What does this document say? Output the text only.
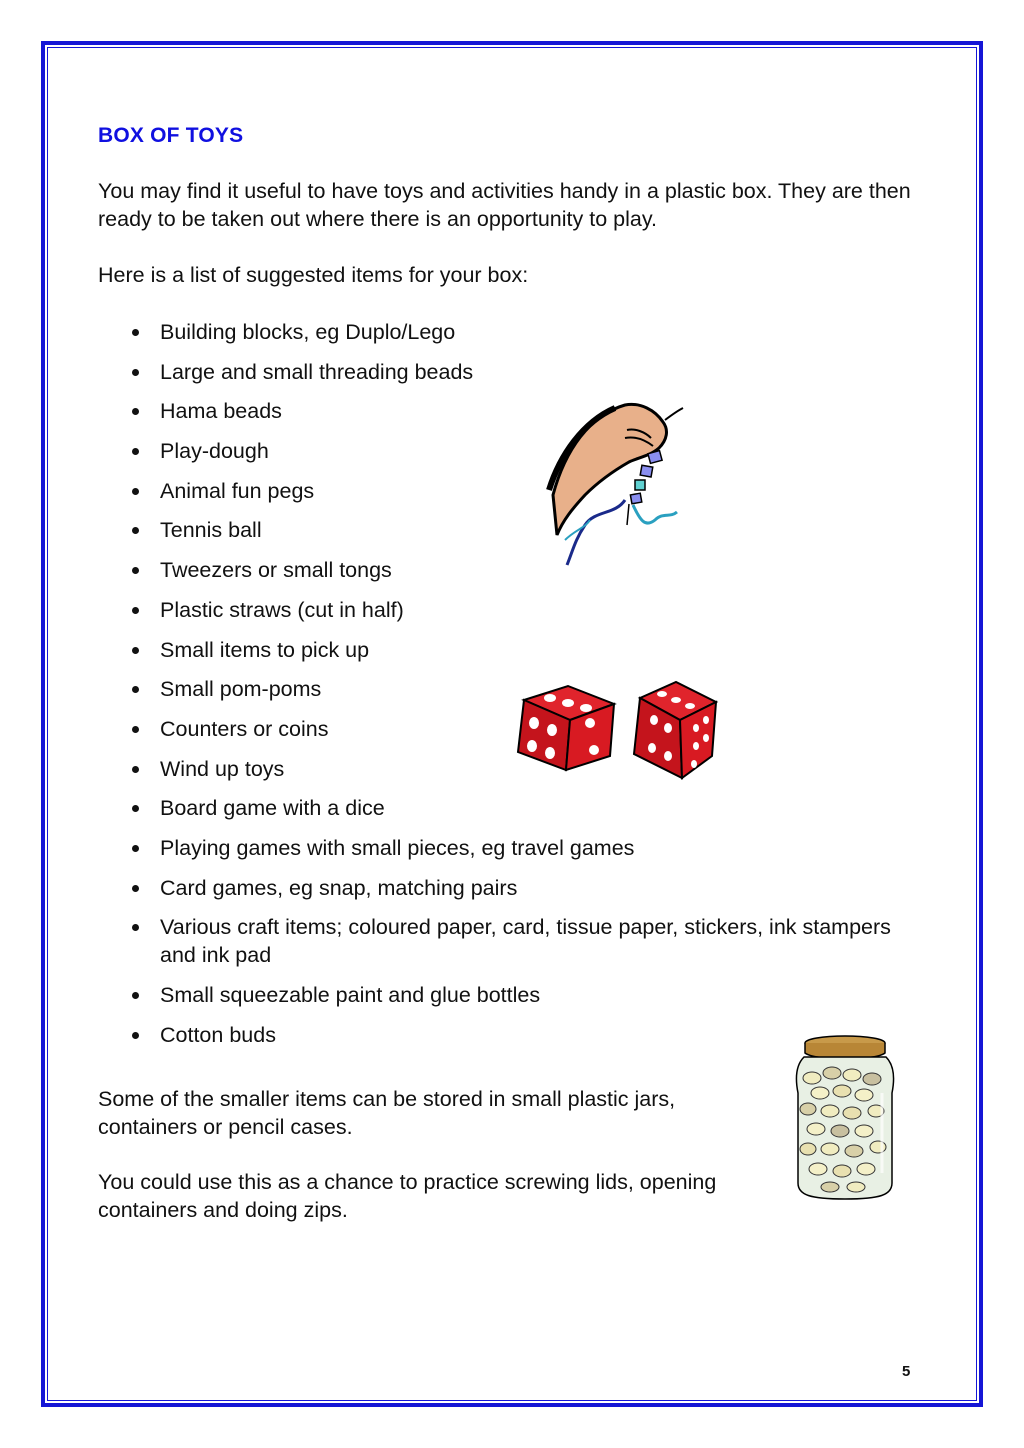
BOX OF TOYS

You may find it useful to have toys and activities handy in a plastic box. They are then ready to be taken out where there is an opportunity to play.

Here is a list of suggested items for your box:

Building blocks, eg Duplo/Lego
Large and small threading beads
Hama beads
Play-dough
Animal fun pegs
Tennis ball
Tweezers or small tongs
Plastic straws (cut in half)
Small items to pick up
Small pom-poms
Counters or coins
Wind up toys
Board game with a dice
Playing games with small pieces, eg travel games
Card games, eg snap, matching pairs
Various craft items; coloured paper, card, tissue paper, stickers, ink stampers and ink pad
Small squeezable paint and glue bottles
Cotton buds

Some of the smaller items can be stored in small plastic jars, containers or pencil cases.

You could use this as a chance to practice screwing lids, opening containers and doing zips.

5
